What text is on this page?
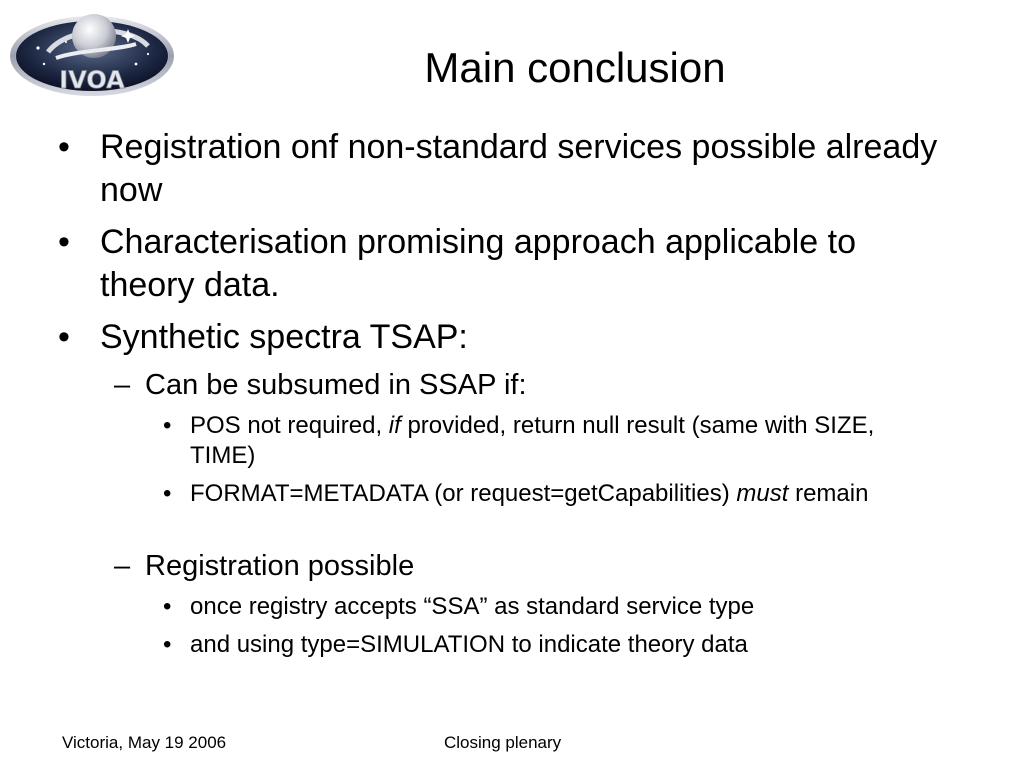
IVOA	Main conclusion
• Registration onf non-standard services possible already now
• Characterisation promising approach applicable to theory data.
• Synthetic spectra TSAP:
– Can be subsumed in SSAP if:
• POS not required, if provided, return null result (same with SIZE, TIME)
• FORMAT=METADATA (or request=getCapabilities) must remain
– Registration possible
• once registry accepts “SSA” as standard service type
• and using type=SIMULATION to indicate theory data
Victoria, May 19 2006	Closing plenary
